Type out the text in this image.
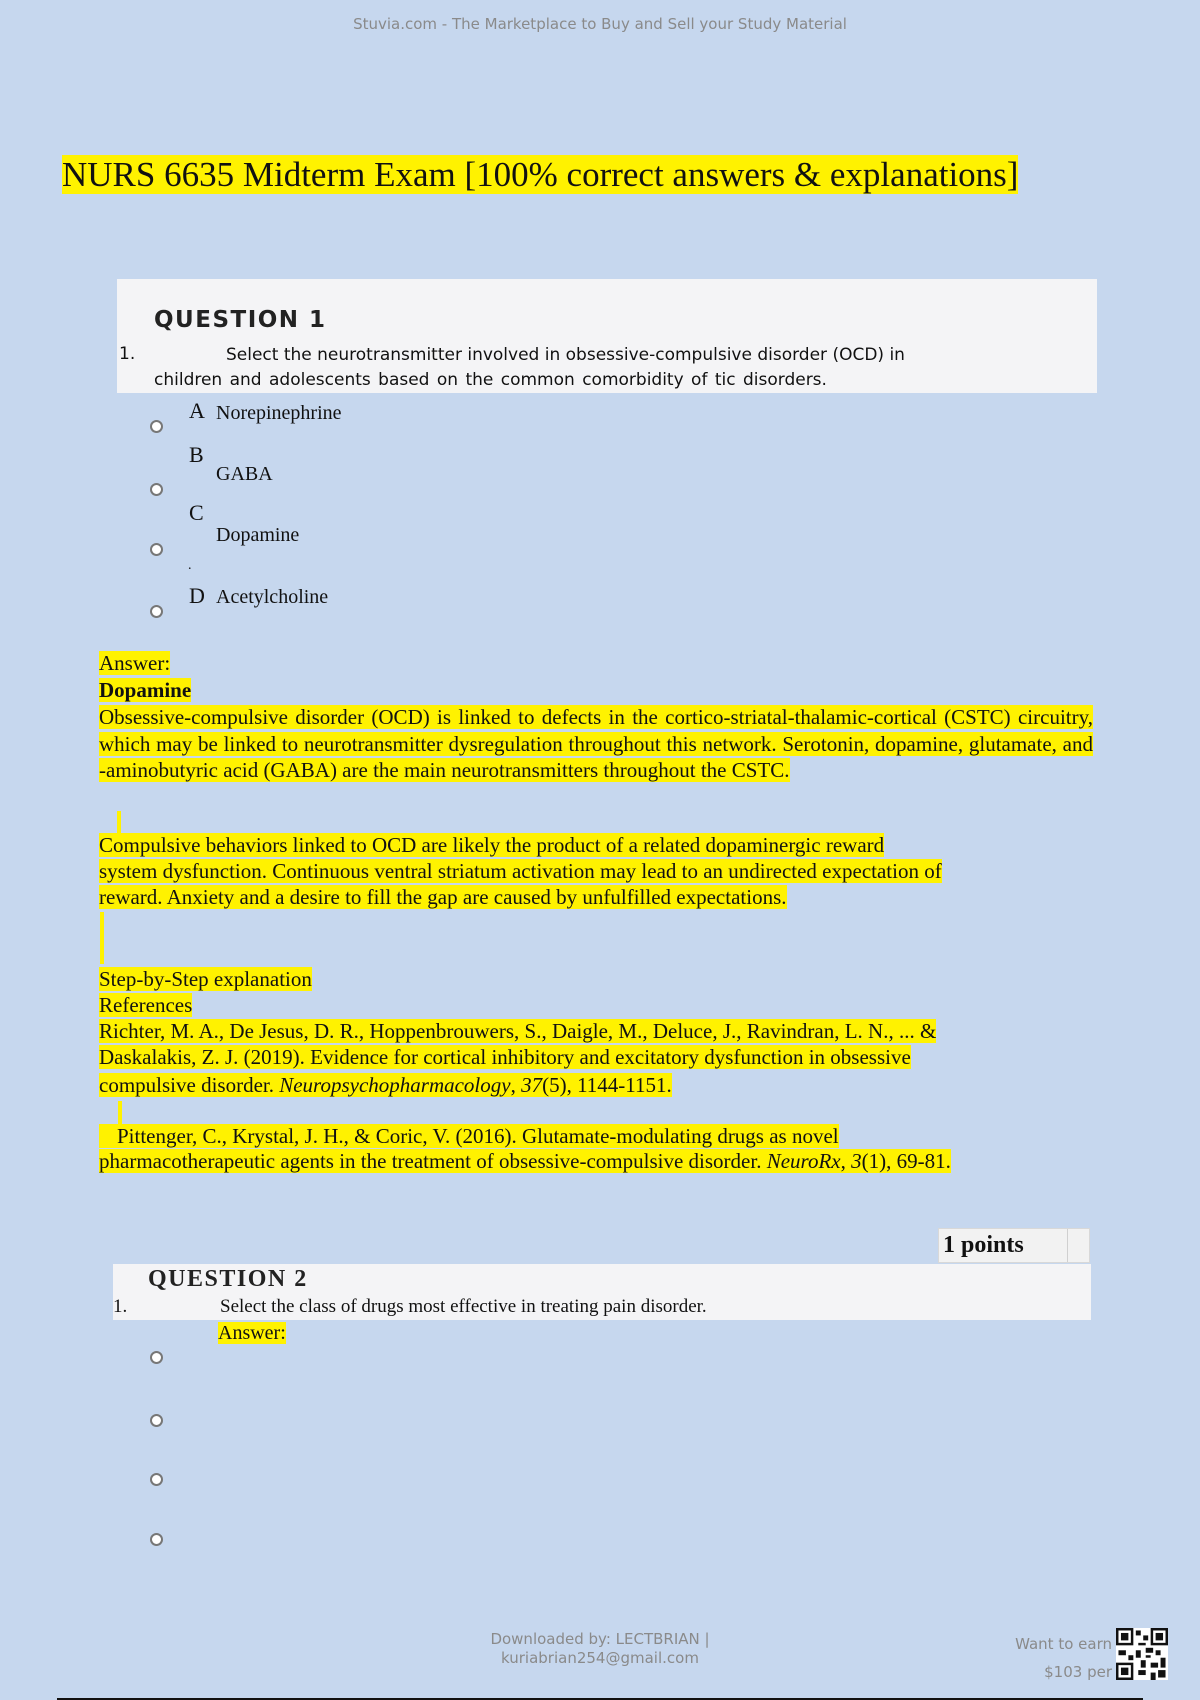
Stuvia.com - The Marketplace to Buy and Sell your Study Material
NURS 6635 Midterm Exam [100% correct answers & explanations]
QUESTION 1
1.	Select the neurotransmitter involved in obsessive-compulsive disorder (OCD) in
children and adolescents based on the common comorbidity of tic disorders.
A Norepinephrine
B
GABA
C
Dopamine
.
D Acetylcholine
Answer:
Dopamine
Obsessive-compulsive disorder (OCD) is linked to defects in the cortico-striatal-thalamic-cortical (CSTC) circuitry, which may be linked to neurotransmitter dysregulation throughout this network. Serotonin, dopamine, glutamate, and -aminobutyric acid (GABA) are the main neurotransmitters throughout the CSTC.
Compulsive behaviors linked to OCD are likely the product of a related dopaminergic reward
system dysfunction. Continuous ventral striatum activation may lead to an undirected expectation of
reward. Anxiety and a desire to fill the gap are caused by unfulfilled expectations.
Step-by-Step explanation
References
Richter, M. A., De Jesus, D. R., Hoppenbrouwers, S., Daigle, M., Deluce, J., Ravindran, L. N., ... &
Daskalakis, Z. J. (2019). Evidence for cortical inhibitory and excitatory dysfunction in obsessive
compulsive disorder. Neuropsychopharmacology, 37(5), 1144-1151.
Pittenger, C., Krystal, J. H., & Coric, V. (2016). Glutamate-modulating drugs as novel
pharmacotherapeutic agents in the treatment of obsessive-compulsive disorder. NeuroRx, 3(1), 69-81.
1 points
QUESTION 2
1.	Select the class of drugs most effective in treating pain disorder.
Answer:
Downloaded by: LECTBRIAN |
kuriabrian254@gmail.com
Want to earn
$103 per
